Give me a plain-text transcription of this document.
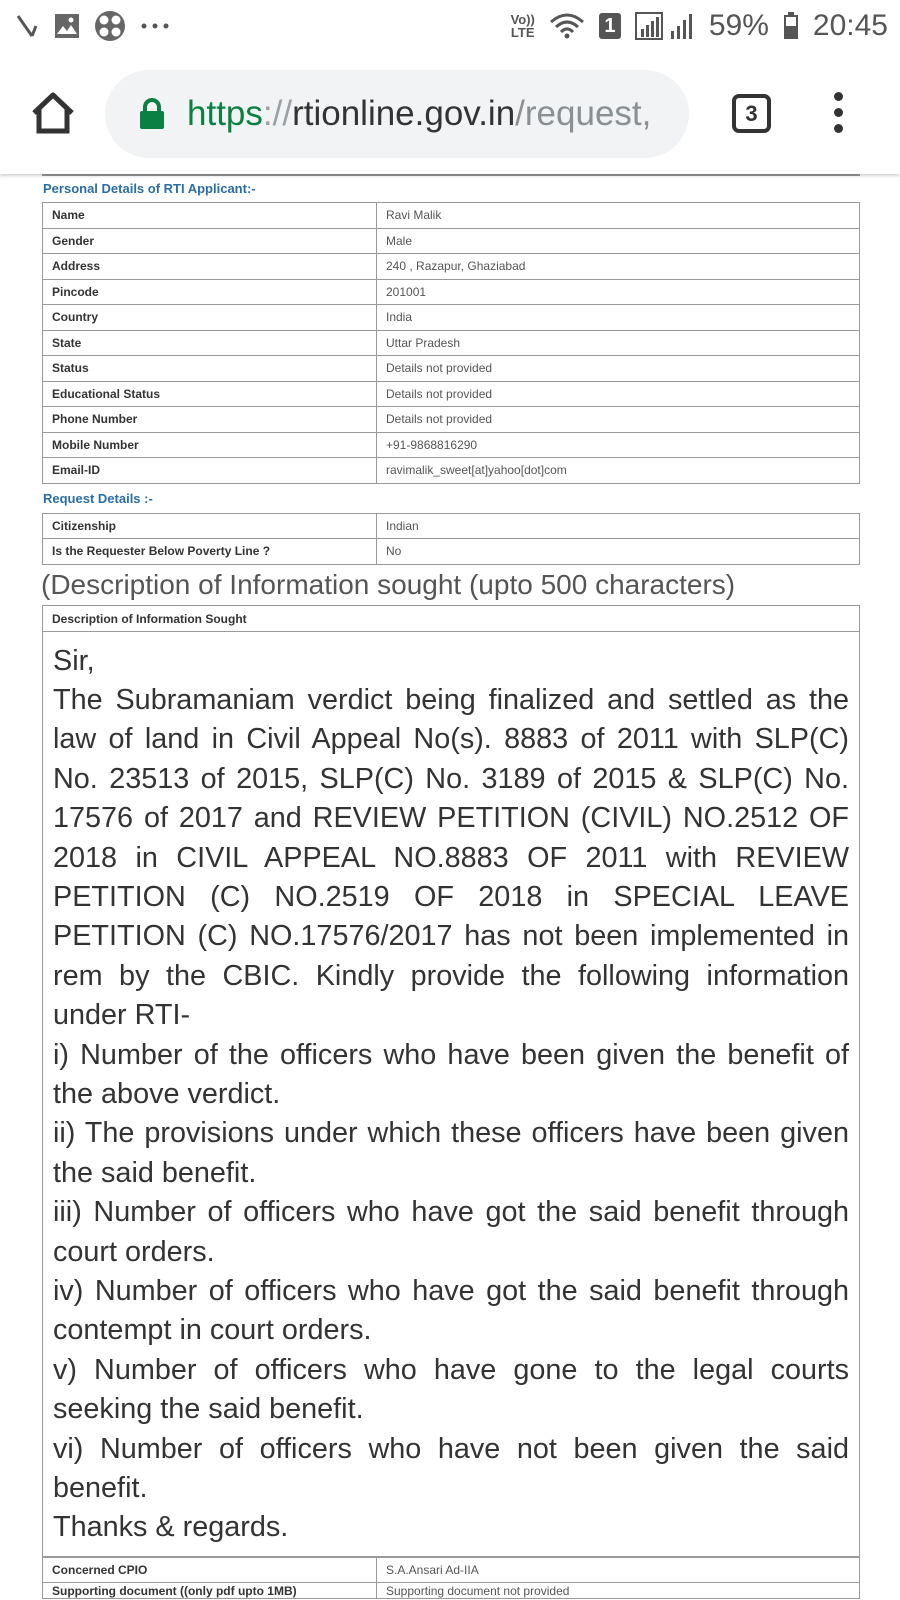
Vo))
LTE	1	59% 20:45
https://rtionline.gov.in/request,	3
Personal Details of RTI Applicant:-
Name	Ravi Malik
Gender	Male
Address	240 , Razapur, Ghaziabad
Pincode	201001
Country	India
State	Uttar Pradesh
Status	Details not provided
Educational Status	Details not provided
Phone Number	Details not provided
Mobile Number	+91-9868816290
Email-ID	ravimalik_sweet[at]yahoo[dot]com
Request Details :-
Citizenship	Indian
Is the Requester Below Poverty Line ?	No
(Description of Information sought (upto 500 characters)
Description of Information Sought

Sir,

The Subramaniam verdict being finalized and settled as the law of land in Civil Appeal No(s). 8883 of 2011 with SLP(C) No. 23513 of 2015, SLP(C) No. 3189 of 2015 & SLP(C) No. 17576 of 2017 and REVIEW PETITION (CIVIL) NO.2512 OF 2018 in CIVIL APPEAL NO.8883 OF 2011 with REVIEW PETITION (C) NO.2519 OF 2018 in SPECIAL LEAVE PETITION (C) NO.17576/2017 has not been implemented in rem by the CBIC. Kindly provide the following information under RTI-

i) Number of the officers who have been given the benefit of the above verdict.

ii) The provisions under which these officers have been given the said benefit.

iii) Number of officers who have got the said benefit through court orders.

iv) Number of officers who have got the said benefit through contempt in court orders.

v) Number of officers who have gone to the legal courts seeking the said benefit.

vi) Number of officers who have not been given the said benefit.

Thanks & regards.

Concerned CPIO	S.A.Ansari Ad-IIA
Supporting document ((only pdf upto 1MB)	Supporting document not provided
